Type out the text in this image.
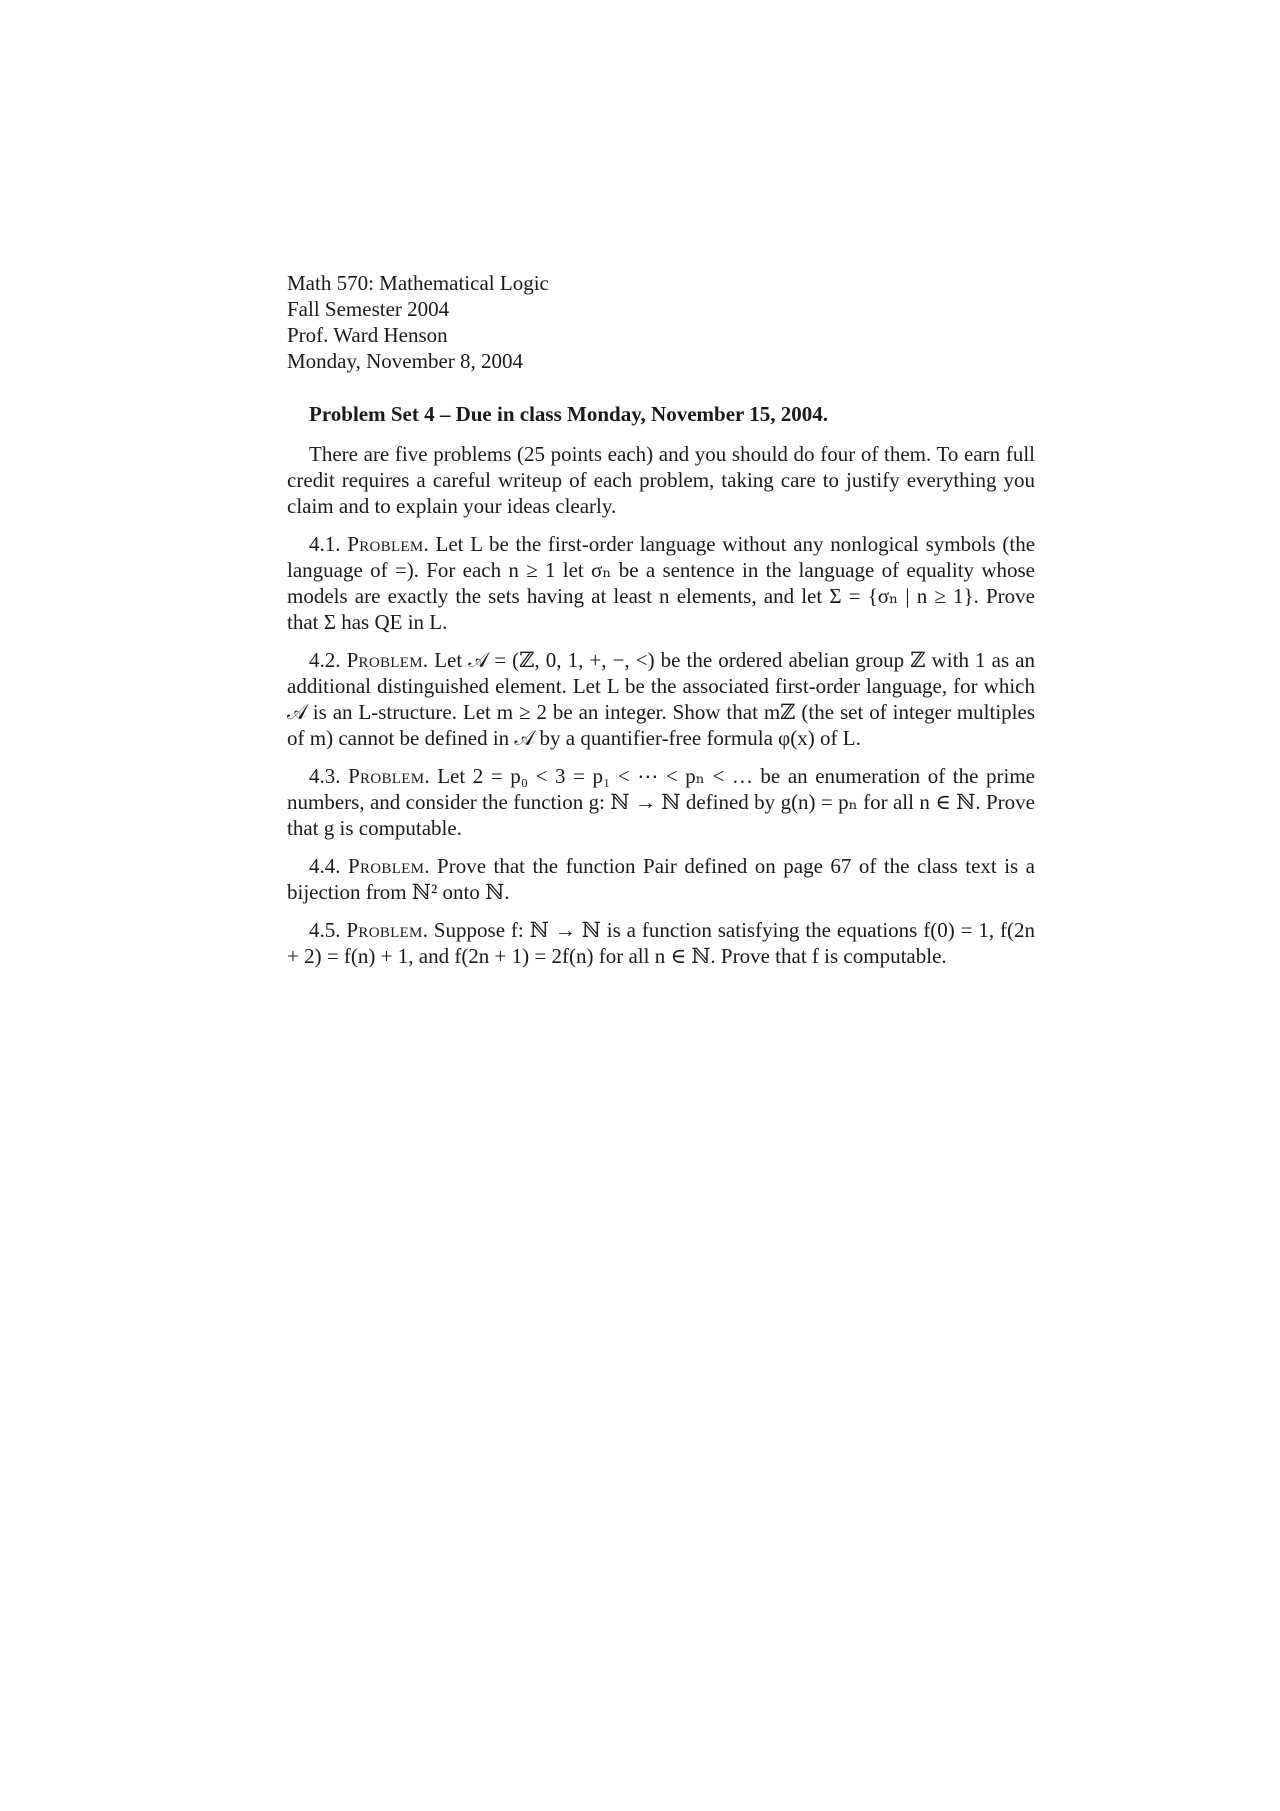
Math 570: Mathematical Logic
Fall Semester 2004
Prof. Ward Henson
Monday, November 8, 2004
Problem Set 4 – Due in class Monday, November 15, 2004.

There are five problems (25 points each) and you should do four of them. To earn full credit requires a careful writeup of each problem, taking care to justify everything you claim and to explain your ideas clearly.

4.1. Problem. Let L be the first-order language without any nonlogical symbols (the language of =). For each n ≥ 1 let σₙ be a sentence in the language of equality whose models are exactly the sets having at least n elements, and let Σ = {σₙ | n ≥ 1}. Prove that Σ has QE in L.

4.2. Problem. Let 𝒜 = (ℤ, 0, 1, +, −, <) be the ordered abelian group ℤ with 1 as an additional distinguished element. Let L be the associated first-order language, for which 𝒜 is an L-structure. Let m ≥ 2 be an integer. Show that mℤ (the set of integer multiples of m) cannot be defined in 𝒜 by a quantifier-free formula φ(x) of L.

4.3. Problem. Let 2 = p₀ < 3 = p₁ < ⋯ < pₙ < … be an enumeration of the prime numbers, and consider the function g: ℕ → ℕ defined by g(n) = pₙ for all n ∈ ℕ. Prove that g is computable.

4.4. Problem. Prove that the function Pair defined on page 67 of the class text is a bijection from ℕ² onto ℕ.

4.5. Problem. Suppose f: ℕ → ℕ is a function satisfying the equations f(0) = 1, f(2n + 2) = f(n) + 1, and f(2n + 1) = 2f(n) for all n ∈ ℕ. Prove that f is computable.
